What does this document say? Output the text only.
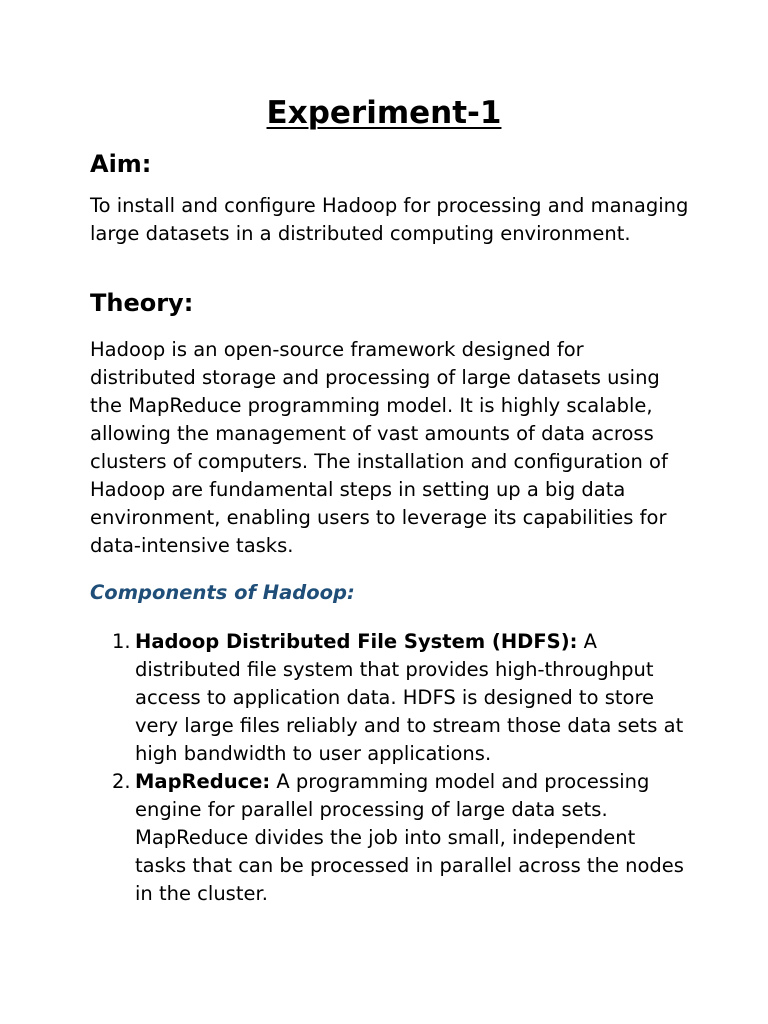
Experiment-1
Aim:

To install and configure Hadoop for processing and managing large datasets in a distributed computing environment.

Theory:

Hadoop is an open-source framework designed for distributed storage and processing of large datasets using the MapReduce programming model. It is highly scalable, allowing the management of vast amounts of data across clusters of computers. The installation and configuration of Hadoop are fundamental steps in setting up a big data environment, enabling users to leverage its capabilities for data-intensive tasks.

Components of Hadoop:
1. Hadoop Distributed File System (HDFS): A distributed file system that provides high-throughput access to application data. HDFS is designed to store very large files reliably and to stream those data sets at high bandwidth to user applications.
2. MapReduce: A programming model and processing engine for parallel processing of large data sets. MapReduce divides the job into small, independent tasks that can be processed in parallel across the nodes in the cluster.
